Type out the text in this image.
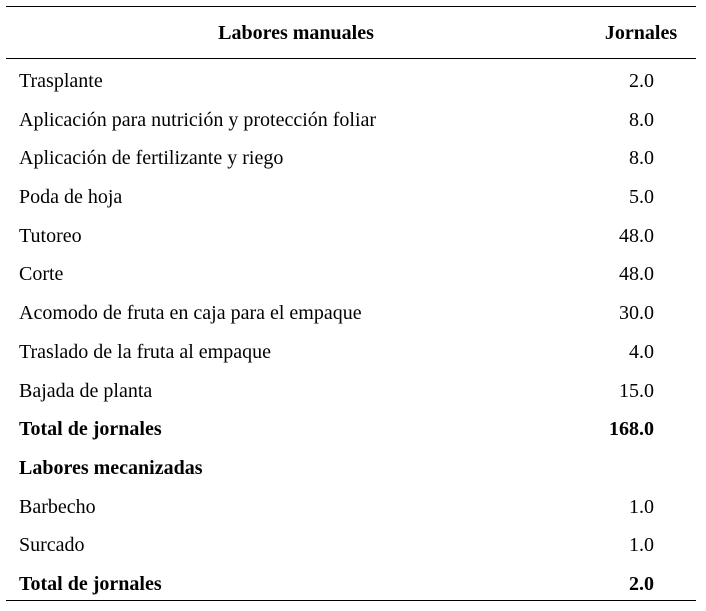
Labores manuales	Jornales
Trasplante	2.0
Aplicación para nutrición y protección foliar	8.0
Aplicación de fertilizante y riego	8.0
Poda de hoja	5.0
Tutoreo	48.0
Corte	48.0
Acomodo de fruta en caja para el empaque	30.0
Traslado de la fruta al empaque	4.0
Bajada de planta	15.0
Total de jornales	168.0
Labores mecanizadas
Barbecho	1.0
Surcado	1.0
Total de jornales	2.0
